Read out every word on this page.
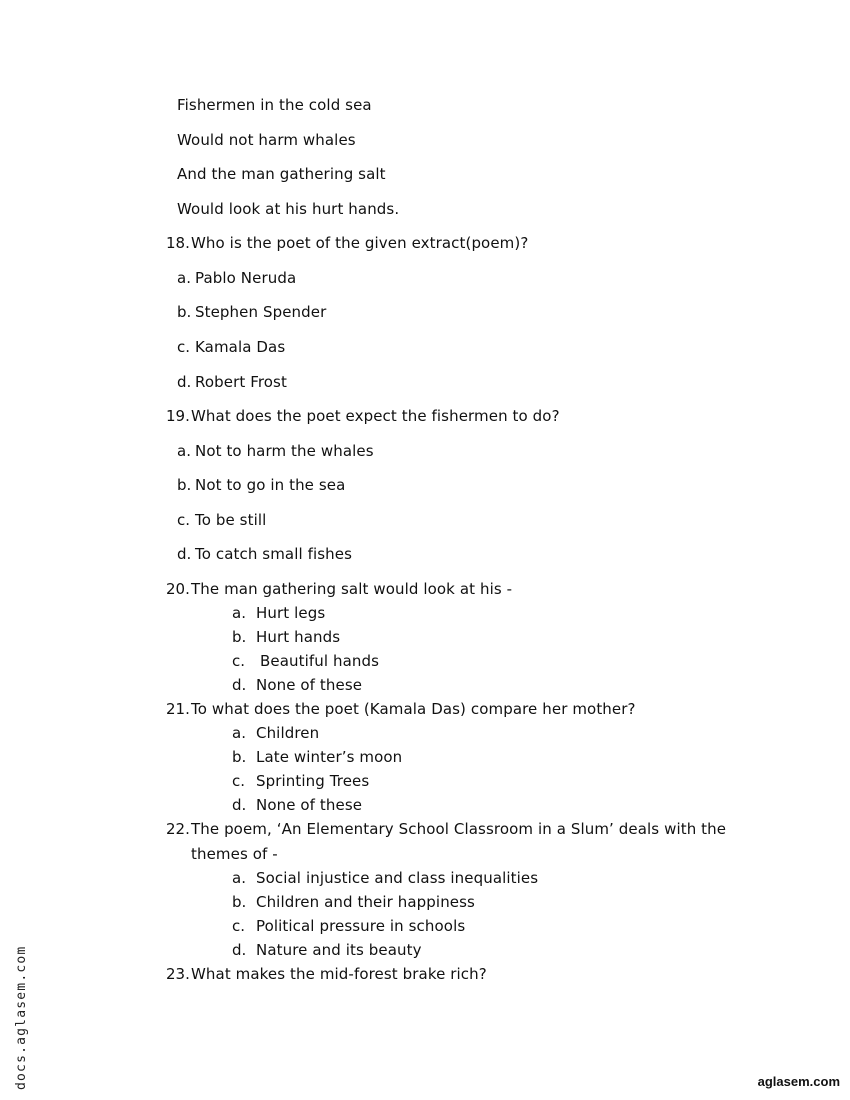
Fishermen in the cold sea
Would not harm whales
And the man gathering salt
Would look at his hurt hands.
18. Who is the poet of the given extract(poem)?
a. Pablo Neruda
b. Stephen Spender
c. Kamala Das
d. Robert Frost
19. What does the poet expect the fishermen to do?
a. Not to harm the whales
b. Not to go in the sea
c. To be still
d. To catch small fishes
20. The man gathering salt would look at his -
a. Hurt legs
b. Hurt hands
c. Beautiful hands
d. None of these
21. To what does the poet (Kamala Das) compare her mother?
a. Children
b. Late winter’s moon
c. Sprinting Trees
d. None of these
22. The poem, ‘An Elementary School Classroom in a Slum’ deals with the
themes of -
a. Social injustice and class inequalities
b. Children and their happiness
c. Political pressure in schools
d. Nature and its beauty
23. What makes the mid-forest brake rich?
docs.aglasem.com	aglasem.com
